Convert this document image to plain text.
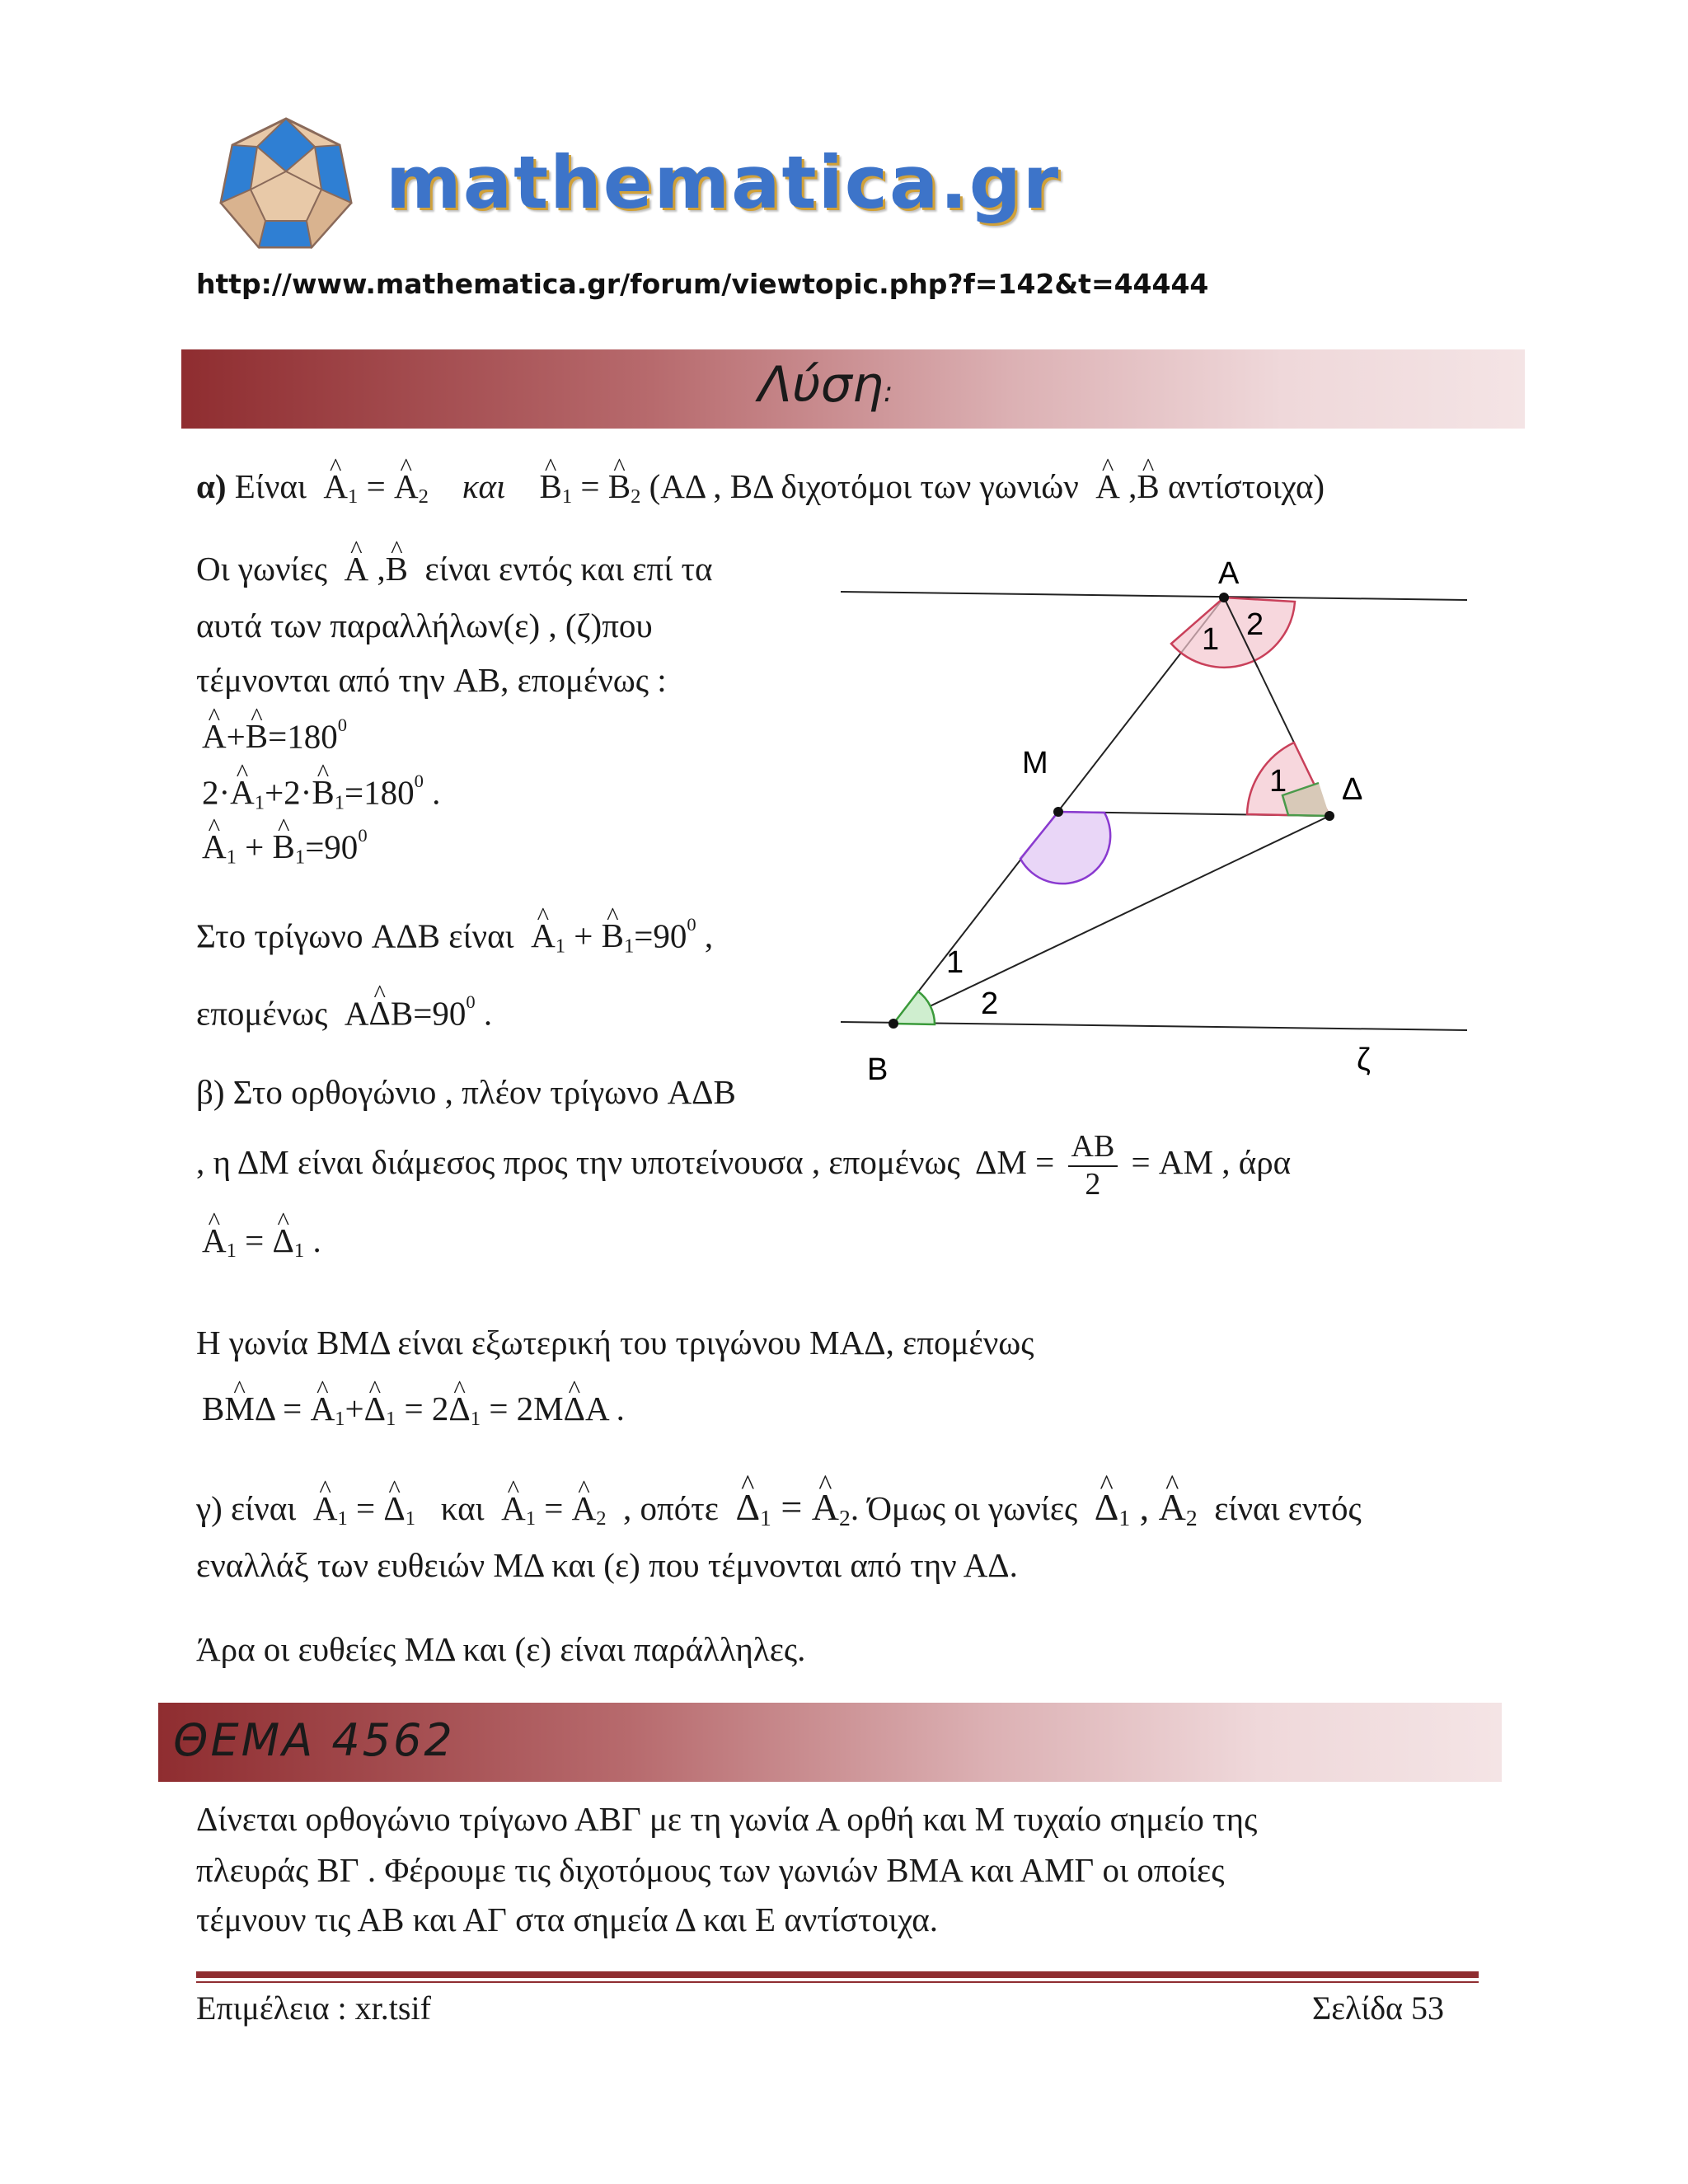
mathematica.gr
http://www.mathematica.gr/forum/viewtopic.php?f=142&t=44444
Λύση:
α) Είναι ^ $A_1$ = ^ $A_2$ και ^ $B_1$ = ^ $B_2$ (ΑΔ , ΒΔ διχοτόμοι των γωνιών ^ A ,^ B αντίστοιχα)
Οι γωνίες ^ A ,^ B είναι εντός και επί τα
αυτά των παραλλήλων(ε) , (ζ)που
τέμνονται από την AB, επομένως :
^ A+^ $B=180^0$
2·^ $A_1+2\cdot\^{}$ $B_1=180^0$ .
^ $A_1$ + ^ $B_1=90^0$
Στο τρίγωνο AΔB είναι ^ $A_1$ + ^ $B_1=90^0$ ,
επομένως  A^ $\Delta B=90^0$ .
A
M
Δ
B	ζ
1 2
1
1
2
β) Στο ορθογώνιο , πλέον τρίγωνο AΔB
, η ΔΜ είναι διάμεσος προς την υποτείνουσα , επομένως $\Delta M = \frac{AB}{2}$ = AM , άρα
^ $A_1$ = ^ $\Delta_1$ .
Η γωνία BMΔ είναι εξωτερική του τριγώνου ΜΑΔ, επομένως
B^ MΔ = ^ $A_1+\^{}$ $\Delta_1$ = 2^ $\Delta_1$ = 2M^ ΔA .
γ) είναι ^ $A_1$ = ^ $\Delta_1$ και ^ $A_1$ = ^ $A_2$ , οπότε ^ $\Delta_1$ = ^ $A_2$. Όμως οι γωνίες ^ $\Delta_1$ , ^ $A_2$ είναι εντός
εναλλάξ των ευθειών ΜΔ και (ε) που τέμνονται από την ΑΔ.
Άρα οι ευθείες ΜΔ και (ε) είναι παράλληλες.
ΘΕΜΑ 4562
Δίνεται ορθογώνιο τρίγωνο ΑΒΓ με τη γωνία Α ορθή και Μ τυχαίο σημείο της
πλευράς ΒΓ . Φέρουμε τις διχοτόμους των γωνιών ΒΜΑ και ΑΜΓ οι οποίες
τέμνουν τις ΑΒ και ΑΓ στα σημεία Δ και Ε αντίστοιχα.
Επιμέλεια : xr.tsif	Σελίδα 53
